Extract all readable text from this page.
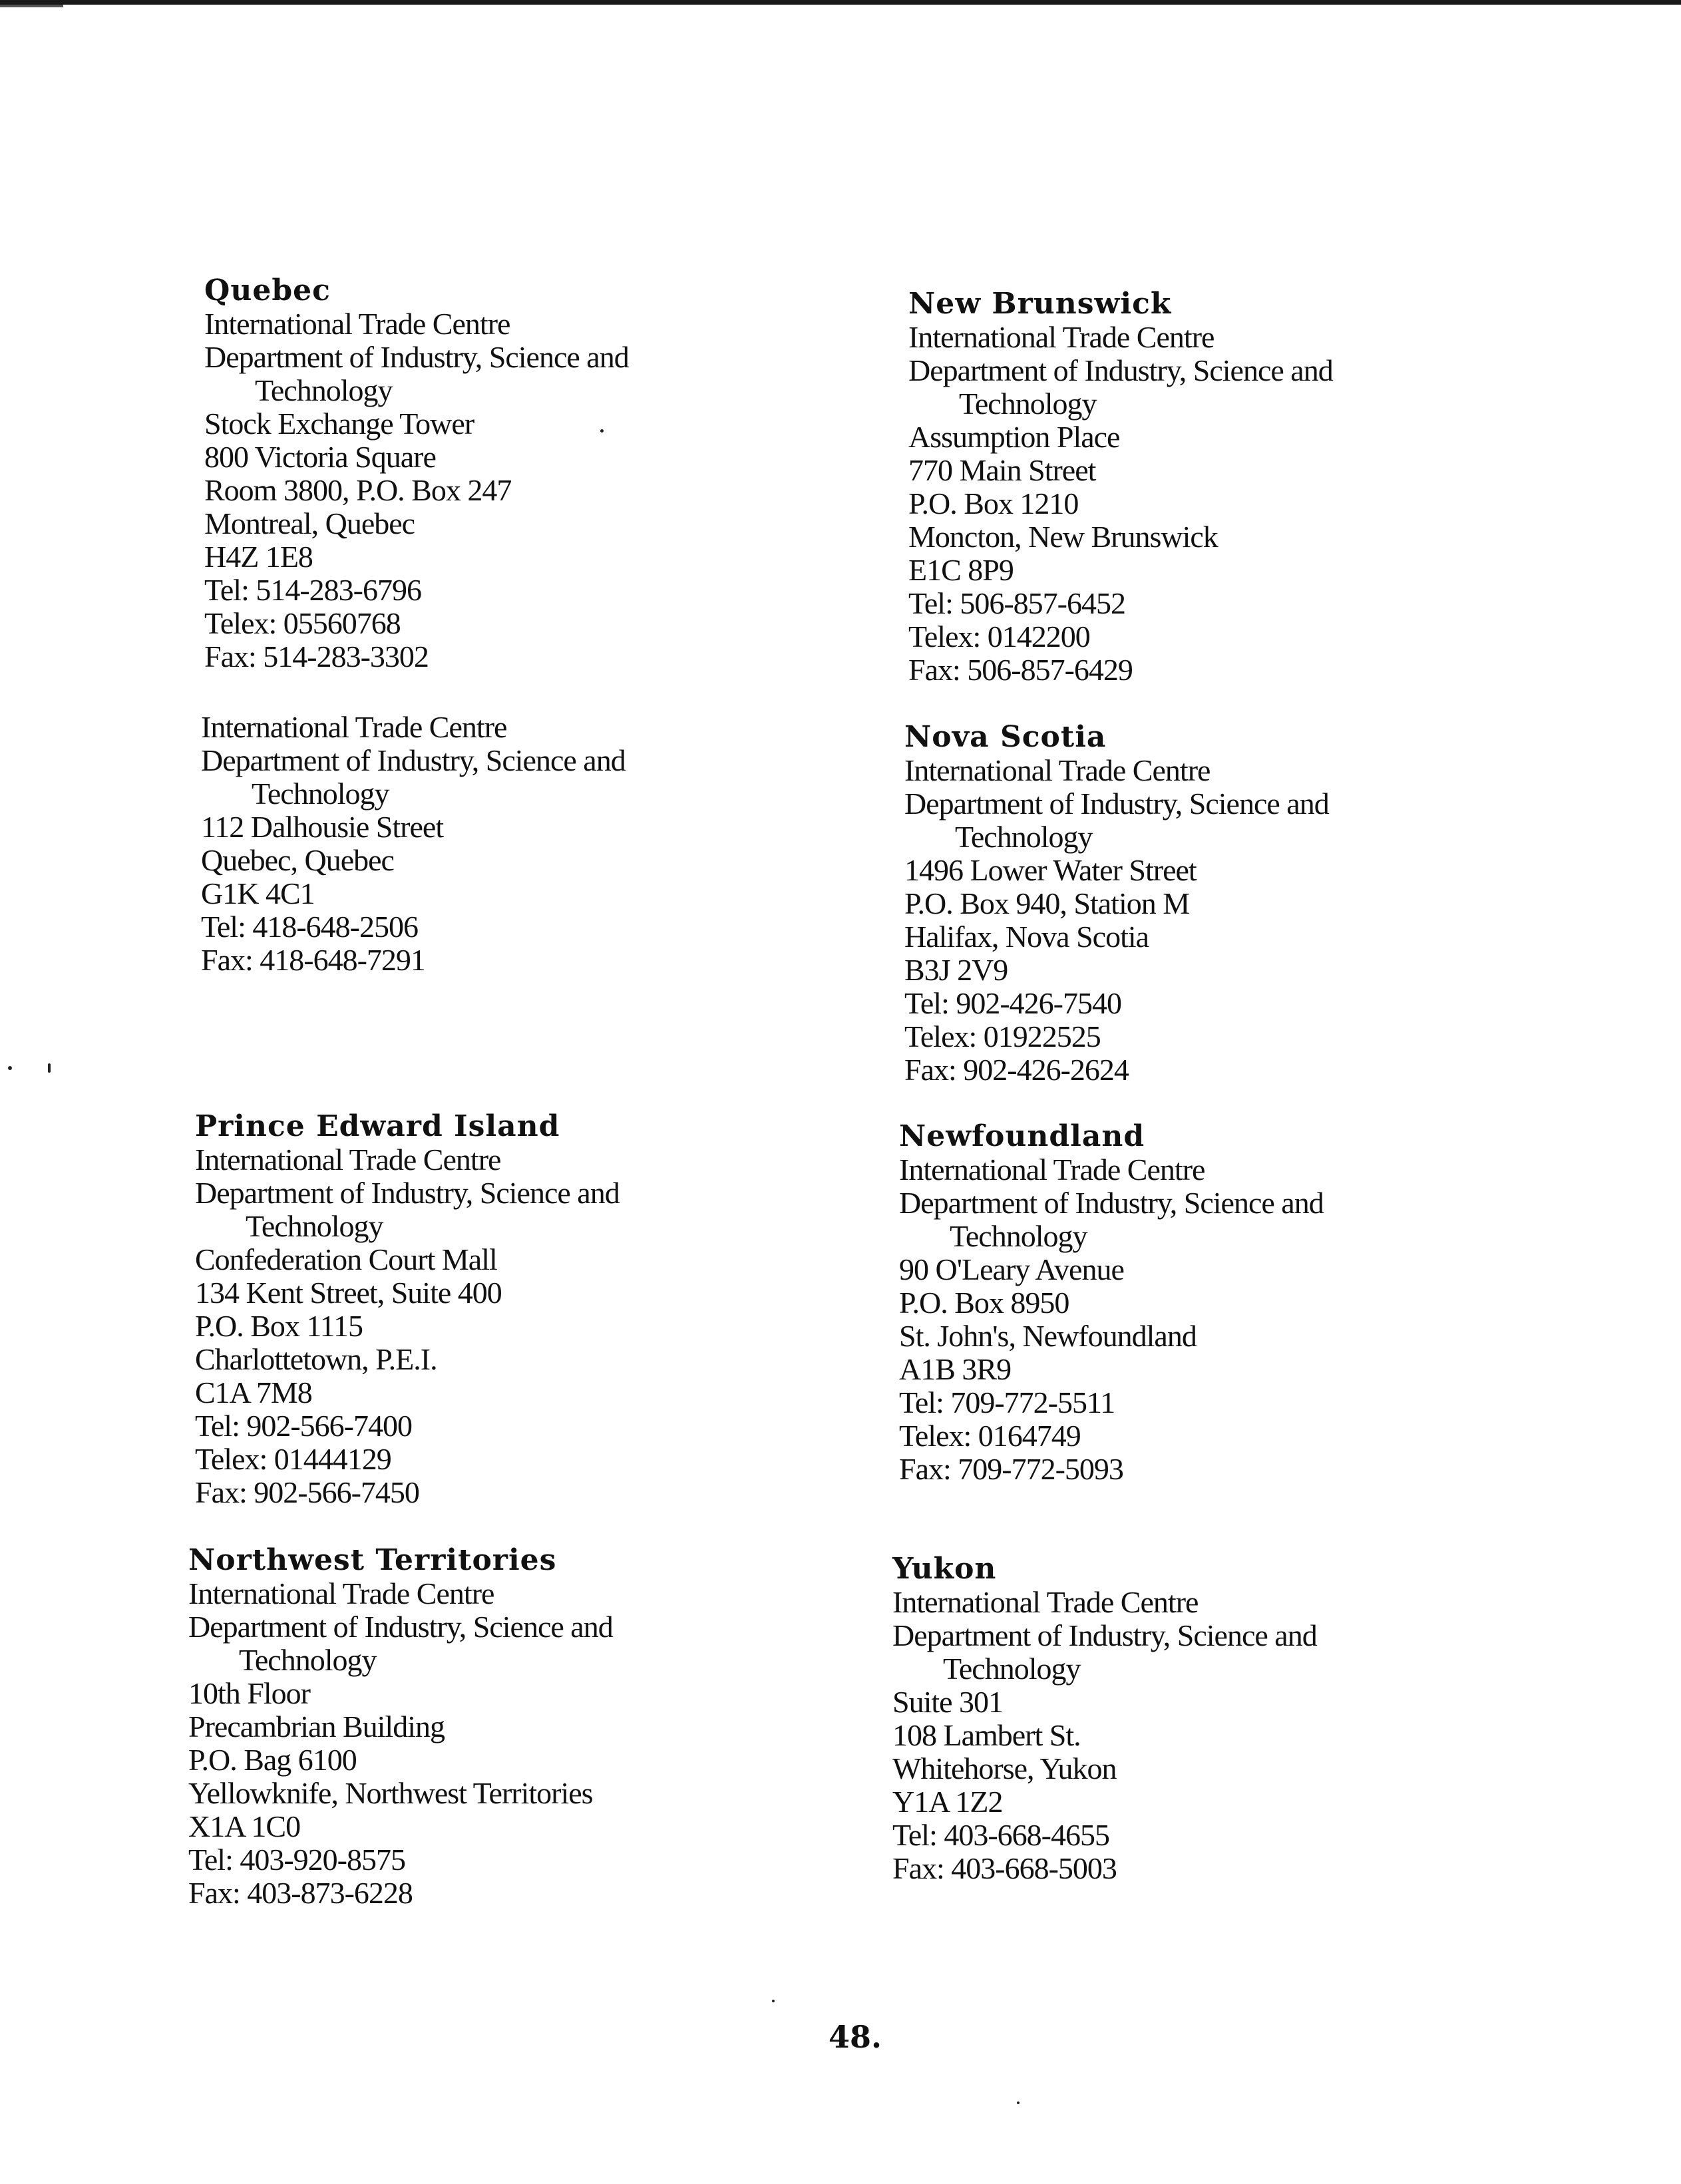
Quebec
International Trade Centre
Department of Industry, Science and
Technology
Stock Exchange Tower
800 Victoria Square
Room 3800, P.O. Box 247
Montreal, Quebec
H4Z 1E8
Tel: 514-283-6796
Telex: 05560768
Fax: 514-283-3302
International Trade Centre
Department of Industry, Science and
Technology
112 Dalhousie Street
Quebec, Quebec
G1K 4C1
Tel: 418-648-2506
Fax: 418-648-7291
Prince Edward Island
International Trade Centre
Department of Industry, Science and
Technology
Confederation Court Mall
134 Kent Street, Suite 400
P.O. Box 1115
Charlottetown, P.E.I.
C1A 7M8
Tel: 902-566-7400
Telex: 01444129
Fax: 902-566-7450
Northwest Territories
International Trade Centre
Department of Industry, Science and
Technology
10th Floor
Precambrian Building
P.O. Bag 6100
Yellowknife, Northwest Territories
X1A 1C0
Tel: 403-920-8575
Fax: 403-873-6228
New Brunswick
International Trade Centre
Department of Industry, Science and
Technology
Assumption Place
770 Main Street
P.O. Box 1210
Moncton, New Brunswick
E1C 8P9
Tel: 506-857-6452
Telex: 0142200
Fax: 506-857-6429
Nova Scotia
International Trade Centre
Department of Industry, Science and
Technology
1496 Lower Water Street
P.O. Box 940, Station M
Halifax, Nova Scotia
B3J 2V9
Tel: 902-426-7540
Telex: 01922525
Fax: 902-426-2624
Newfoundland
International Trade Centre
Department of Industry, Science and
Technology
90 O'Leary Avenue
P.O. Box 8950
St. John's, Newfoundland
A1B 3R9
Tel: 709-772-5511
Telex: 0164749
Fax: 709-772-5093
Yukon
International Trade Centre
Department of Industry, Science and
Technology
Suite 301
108 Lambert St.
Whitehorse, Yukon
Y1A 1Z2
Tel: 403-668-4655
Fax: 403-668-5003
48.
